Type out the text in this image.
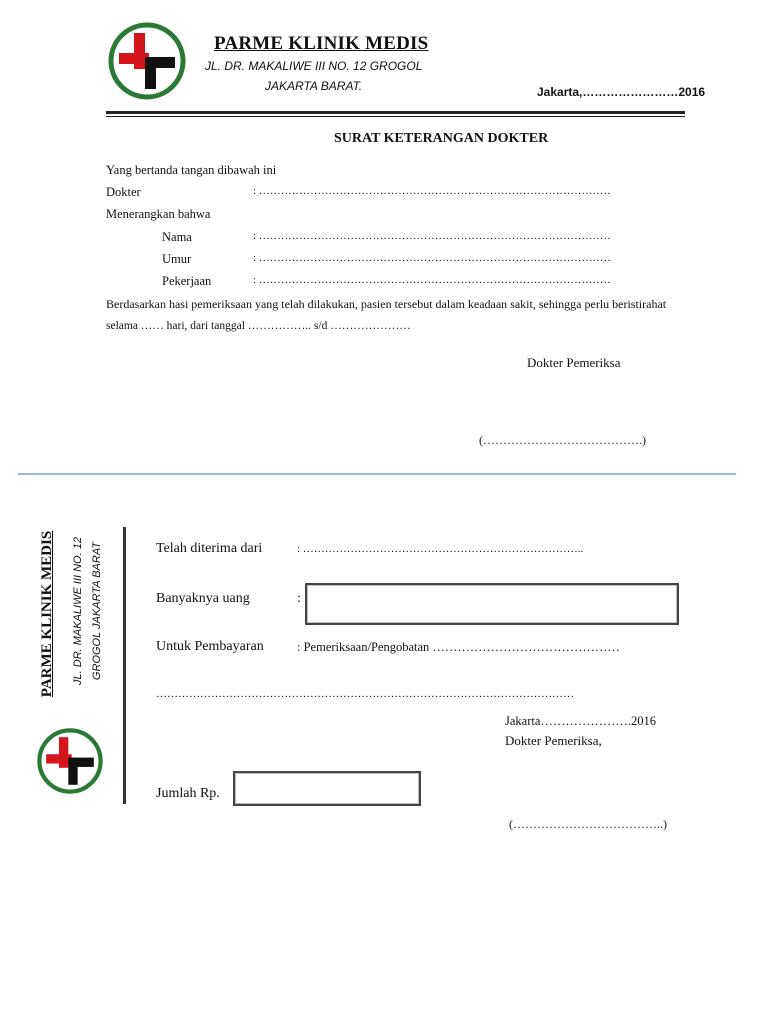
PARME KLINIK MEDIS
JL. DR. MAKALIWE III NO. 12 GROGOL
JAKARTA BARAT.	Jakarta,……………………2016
SURAT KETERANGAN DOKTER
Yang bertanda tangan dibawah ini
Dokter	: ……………………………………………………………………………………
Menerangkan bahwa
Nama	: ……………………………………………………………………………………
Umur	: ……………………………………………………………………………………
Pekerjaan	: ……………………………………………………………………………………
Berdasarkan hasi pemeriksaan yang telah dilakukan, pasien tersebut dalam keadaan sakit, sehingga perlu beristirahat
selama …… hari, dari tanggal …………….. s/d …………………
Dokter Pemeriksa
(………………………………….)
PARME KLINIK MEDIS	JL. DR. MAKALIWE III NO. 12 GROGOL JAKARTA BARAT	Telah diterima dari	: …………………………………………………………………..
Banyaknya uang	:
Untuk Pembayaran	: Pemeriksaan/Pengobatan ………………………………………
……………………………………………………………………………………………………
Jakarta………………….2016
Dokter Pemeriksa,
Jumlah Rp.
(………………………………..)
